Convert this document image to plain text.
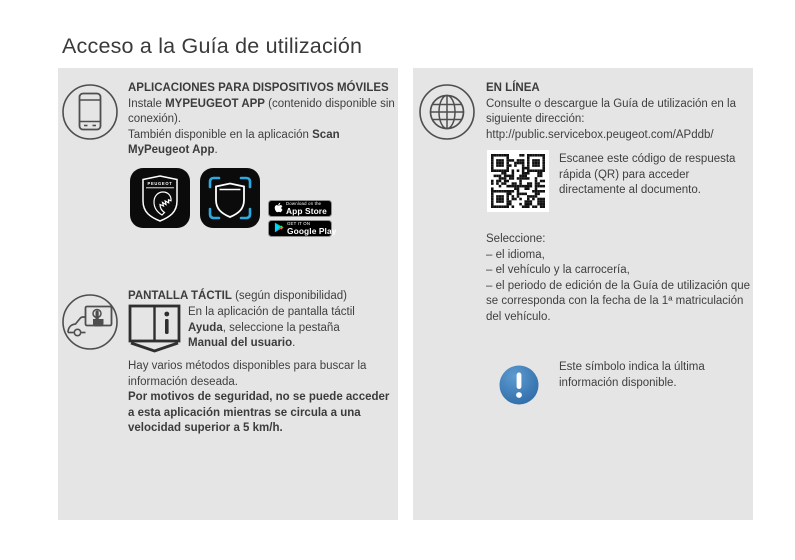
Acceso a la Guía de utilización

APLICACIONES PARA DISPOSITIVOS MÓVILES

Instale MYPEUGEOT APP (contenido disponible sin conexión).

También disponible en la aplicación Scan MyPeugeot App.

PEUGEOT
Download on the
App Store
GET IT ON
Google Play

PANTALLA TÁCTIL (según disponibilidad)

En la aplicación de pantalla táctil

Ayuda, seleccione la pestaña

Manual del usuario.

Hay varios métodos disponibles para buscar la información deseada.

Por motivos de seguridad, no se puede acceder a esta aplicación mientras se circula a una velocidad superior a 5 km/h.

EN LÍNEA

Consulte o descargue la Guía de utilización en la siguiente dirección:

http://public.servicebox.peugeot.com/APddb/

Escanee este código de respuesta rápida (QR) para acceder directamente al documento.

Seleccione:

– el idioma,

– el vehículo y la carrocería,

– el periodo de edición de la Guía de utilización que se corresponda con la fecha de la 1ª matriculación del vehículo.

Este símbolo indica la última información disponible.
